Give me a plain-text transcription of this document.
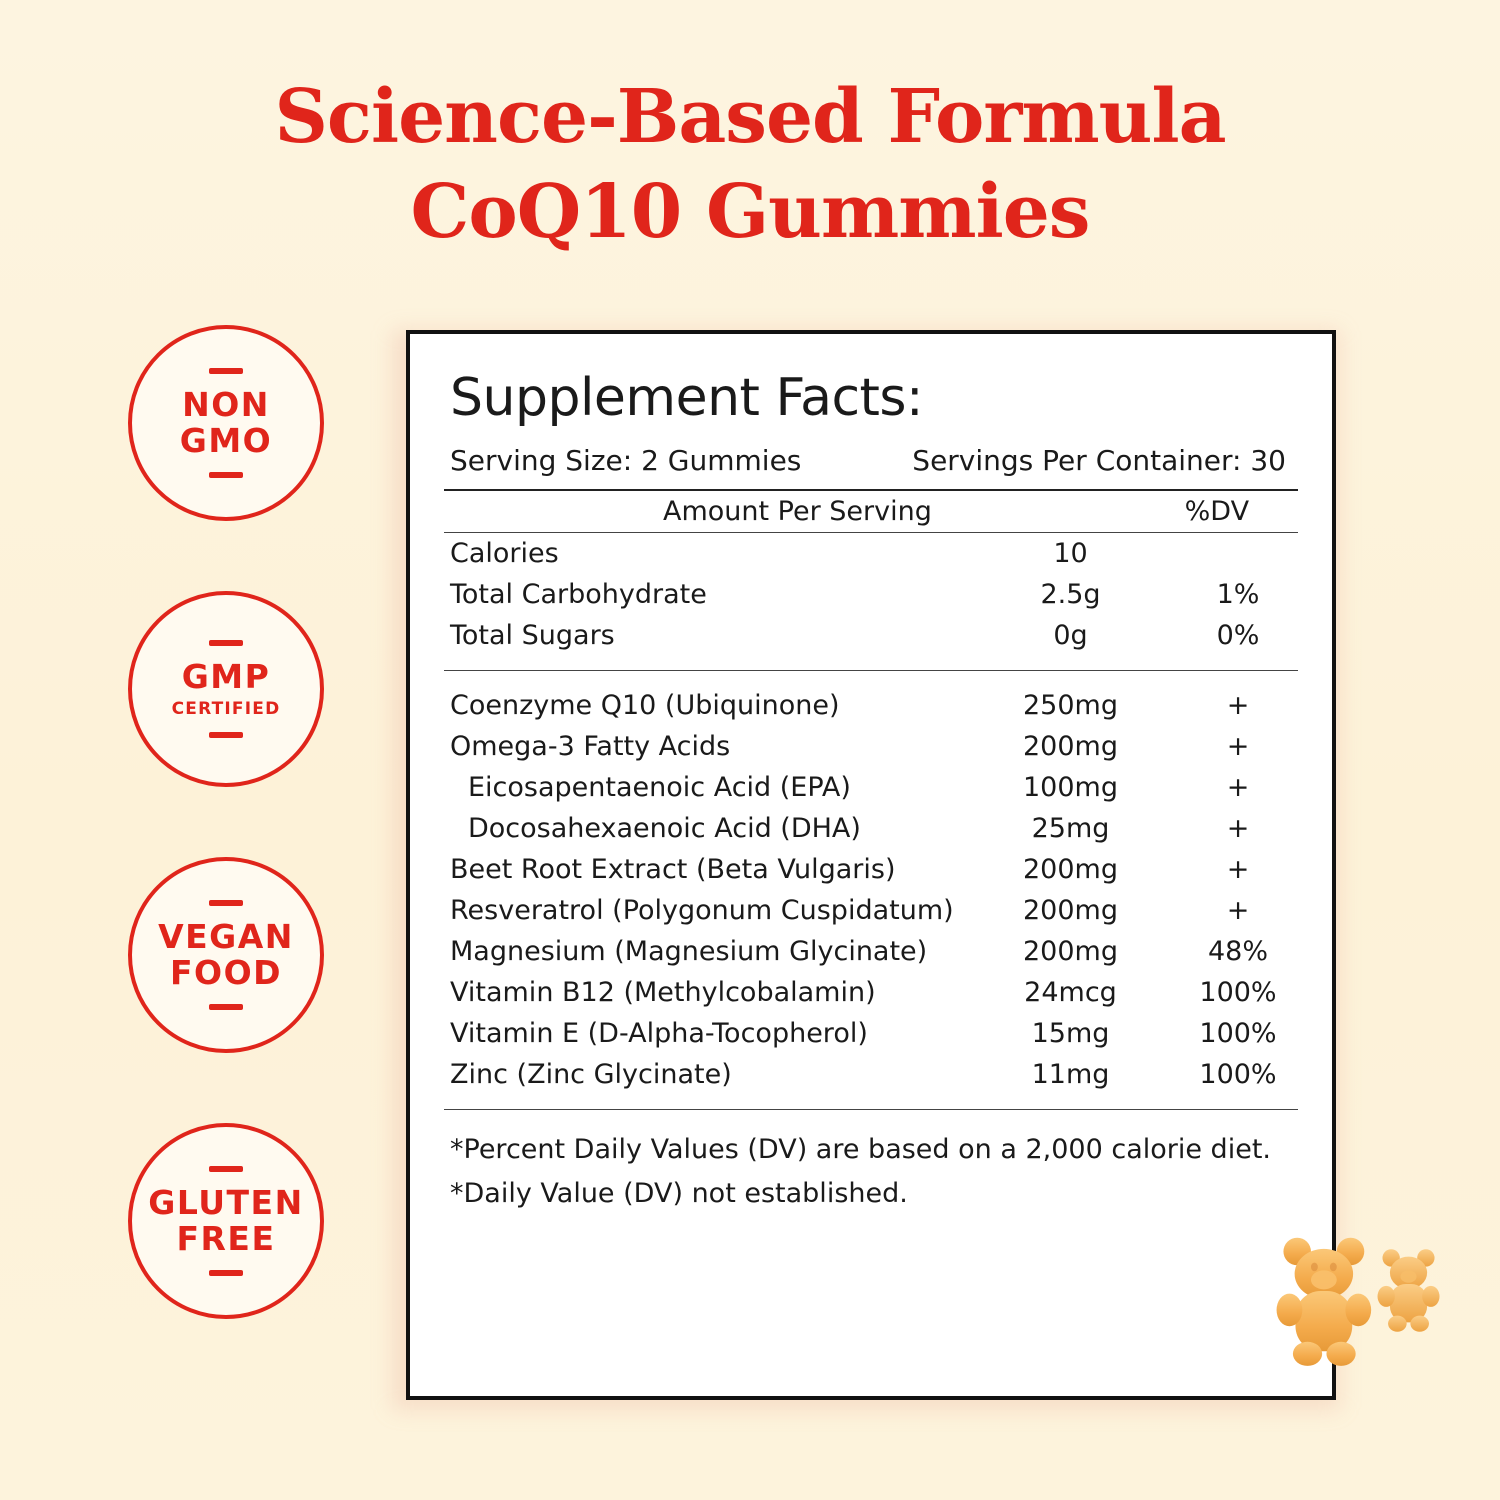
Science-Based Formula
CoQ10 Gummies
NON
GMO
GMP
CERTIFIED
VEGAN
FOOD
GLUTEN
FREE
Supplement Facts:
Serving Size: 2 Gummies	Servings Per Container: 30
	Amount Per Serving	%DV
Calories	10	
Total Carbohydrate	2.5g	1%
Total Sugars	0g	0%
Coenzyme Q10 (Ubiquinone)	250mg	+
Omega-3 Fatty Acids	200mg	+
Eicosapentaenoic Acid (EPA)	100mg	+
Docosahexaenoic Acid (DHA)	25mg	+
Beet Root Extract (Beta Vulgaris)	200mg	+
Resveratrol (Polygonum Cuspidatum)	200mg	+
Magnesium (Magnesium Glycinate)	200mg	48%
Vitamin B12 (Methylcobalamin)	24mcg	100%
Vitamin E (D-Alpha-Tocopherol)	15mg	100%
Zinc (Zinc Glycinate)	11mg	100%
*Percent Daily Values (DV) are based on a 2,000 calorie diet.
*Daily Value (DV) not established.
